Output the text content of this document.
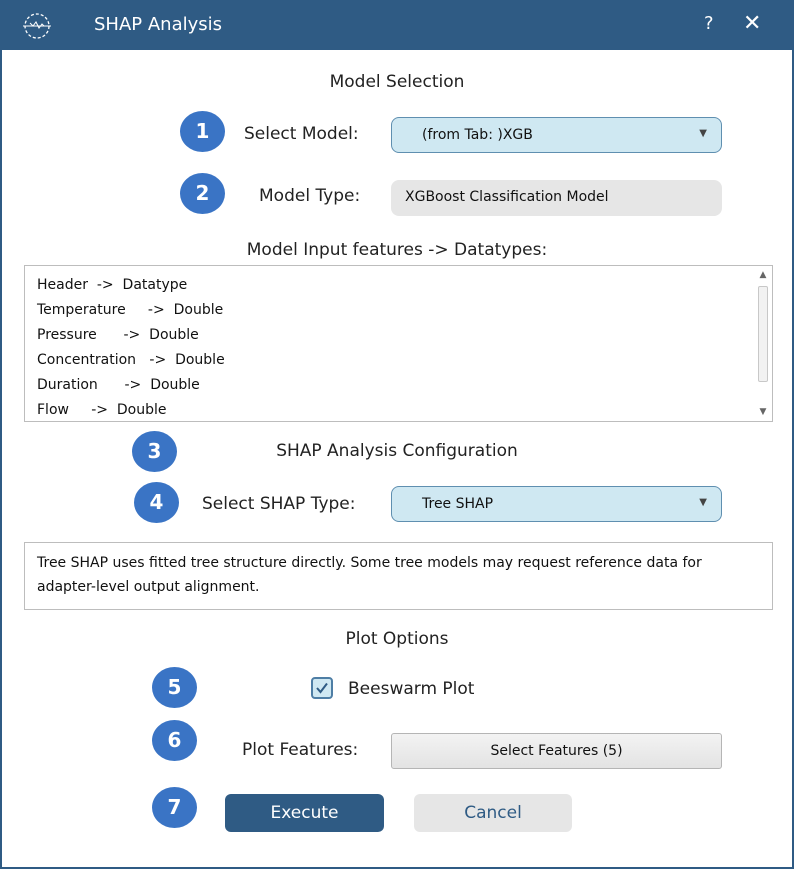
SHAP Analysis	? ✕
Model Selection
1	Select Model:	(from Tab: )XGB	▼
2	Model Type:	XGBoost Classification Model
Model Input features -> Datatypes:
Header  ->  Datatype
Temperature     ->  Double
Pressure      ->  Double
Concentration   ->  Double
Duration      ->  Double
Flow     ->  Double
▲
▼
3	SHAP Analysis Configuration
4	Select SHAP Type:	Tree SHAP	▼
Tree SHAP uses fitted tree structure directly. Some tree models may request reference data for adapter-level output alignment.
Plot Options
5	Beeswarm Plot
6	Plot Features:	Select Features (5)
7	Execute	Cancel
